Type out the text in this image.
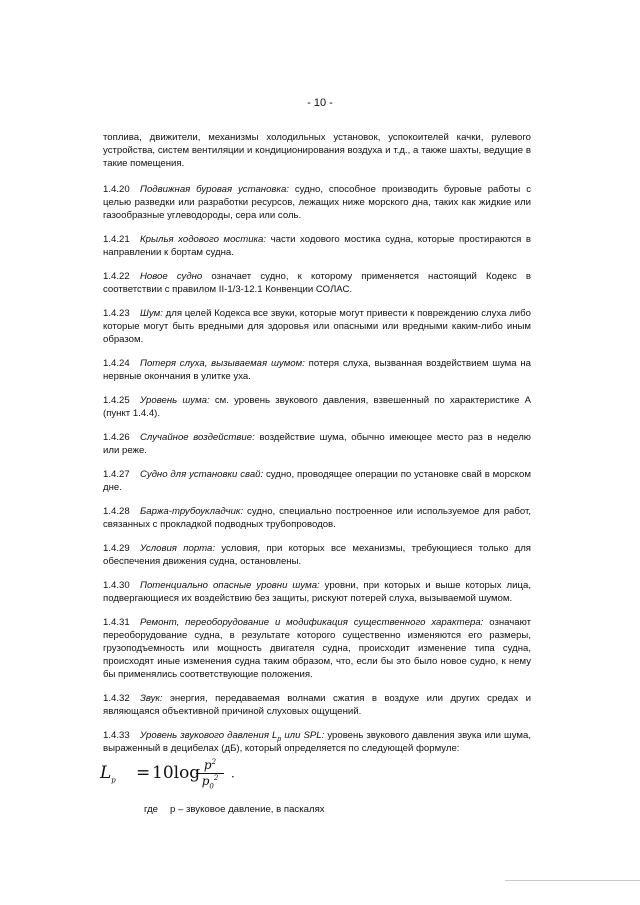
- 10 -

топлива, движители, механизмы холодильных установок, успокоителей качки, рулевого устройства, систем вентиляции и кондиционирования воздуха и т.д., а также шахты, ведущие в такие помещения.

1.4.20 Подвижная буровая установка: судно, способное производить буровые работы с целью разведки или разработки ресурсов, лежащих ниже морского дна, таких как жидкие или газообразные углеводороды, сера или соль.

1.4.21 Крылья ходового мостика: части ходового мостика судна, которые простираются в направлении к бортам судна.

1.4.22 Новое судно означает судно, к которому применяется настоящий Кодекс в соответствии с правилом II-1/3-12.1 Конвенции СОЛАС.

1.4.23 Шум: для целей Кодекса все звуки, которые могут привести к повреждению слуха либо которые могут быть вредными для здоровья или опасными или вредными каким-либо иным образом.

1.4.24 Потеря слуха, вызываемая шумом: потеря слуха, вызванная воздействием шума на нервные окончания в улитке уха.

1.4.25 Уровень шума: см. уровень звукового давления, взвешенный по характеристике А (пункт 1.4.4).

1.4.26 Случайное воздействие: воздействие шума, обычно имеющее место раз в неделю или реже.

1.4.27 Судно для установки свай: судно, проводящее операции по установке свай в морском дне.

1.4.28 Баржа-трубоукладчик: судно, специально построенное или используемое для работ, связанных с прокладкой подводных трубопроводов.

1.4.29 Условия порта: условия, при которых все механизмы, требующиеся только для обеспечения движения судна, остановлены.

1.4.30 Потенциально опасные уровни шума: уровни, при которых и выше которых лица, подвергающиеся их воздействию без защиты, рискуют потерей слуха, вызываемой шумом.

1.4.31 Ремонт, переоборудование и модификация существенного характера: означают переоборудование судна, в результате которого существенно изменяются его размеры, грузоподъемность или мощность двигателя судна, происходит изменение типа судна, происходят иные изменения судна таким образом, что, если бы это было новое судно, к нему бы применялись соответствующие положения.

1.4.32 Звук: энергия, передаваемая волнами сжатия в воздухе или других средах и являющаяся объективной причиной слуховых ощущений.

1.4.33 Уровень звукового давления $L_p$ или SPL: уровень звукового давления звука или шума, выраженный в децибелах (дБ), который определяется по следующей формуле:

$L_p = 10\log$ $p^2$
$p_0^2$	·

где p – звуковое давление, в паскалях
